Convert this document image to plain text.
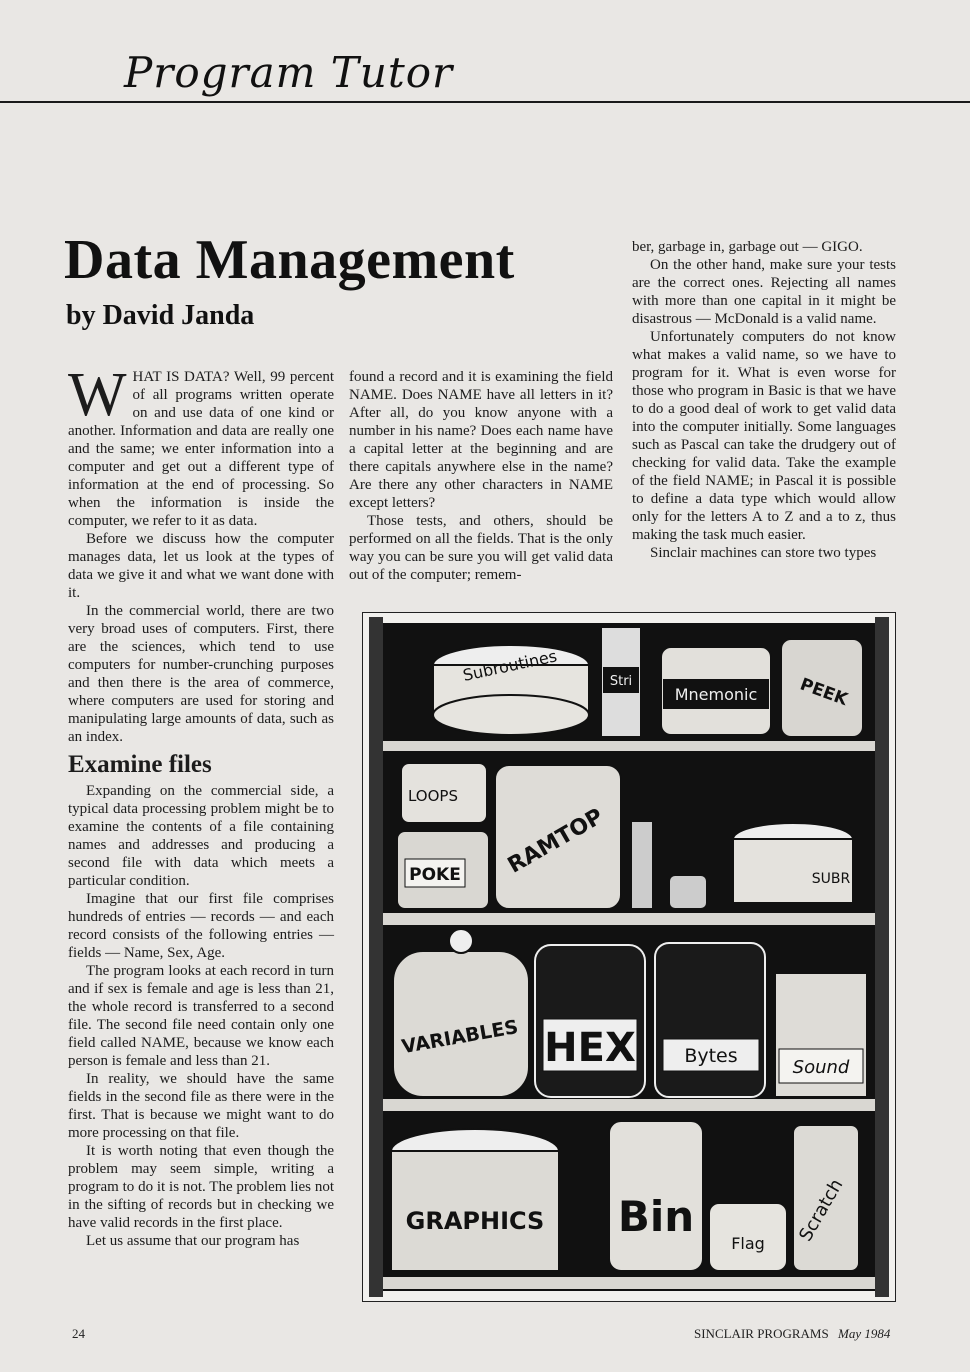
Program Tutor
Data Management
by David Janda

WHAT IS DATA? Well, 99 percent of all programs written operate on and use data of one kind or another. Information and data are really one and the same; we enter information into a computer and get out a different type of information at the end of processing. So when the information is inside the computer, we refer to it as data.

Before we discuss how the computer manages data, let us look at the types of data we give it and what we want done with it.

In the commercial world, there are two very broad uses of computers. First, there are the sciences, which tend to use computers for number-crunching purposes and then there is the area of commerce, where computers are used for storing and manipulating large amounts of data, such as an index.

Examine files

Expanding on the commercial side, a typical data processing problem might be to examine the contents of a file containing names and addresses and producing a second file with data which meets a particular condition.

Imagine that our first file comprises hundreds of entries — records — and each record consists of the following entries — fields — Name, Sex, Age.

The program looks at each record in turn and if sex is female and age is less than 21, the whole record is transferred to a second file. The second file need contain only one field called NAME, because we know each person is female and less than 21.

In reality, we should have the same fields in the second file as there were in the first. That is because we might want to do more processing on that file.

It is worth noting that even though the problem may seem simple, writing a program to do it is not. The problem lies not in the sifting of records but in checking we have valid records in the first place.

Let us assume that our program has

found a record and it is examining the field NAME. Does NAME have all letters in it? After all, do you know anyone with a number in his name? Does each name have a capital letter at the beginning and are there capitals anywhere else in the name? Are there any other characters in NAME except letters?

Those tests, and others, should be performed on all the fields. That is the only way you can be sure you will get valid data out of the computer; remem-

ber, garbage in, garbage out — GIGO.

On the other hand, make sure your tests are the correct ones. Rejecting all names with more than one capital in it might be disastrous — McDonald is a valid name.

Unfortunately computers do not know what makes a valid name, so we have to program for it. What is even worse for those who program in Basic is that we have to do a good deal of work to get valid data into the computer initially. Some languages such as Pascal can take the drudgery out of checking for valid data. Take the example of the field NAME; in Pascal it is possible to define a data type which would allow only for the letters A to Z and a to z, thus making the task much easier.

Sinclair machines can store two types

Subroutines	Stri
Mnemonic PEEK
LOOPS
POKE RAMTOP
SUBR
VARIABLES HEX	Bytes
Sound
GRAPHICS Bin
Flag Scratch
24	SINCLAIR PROGRAMS May 1984
